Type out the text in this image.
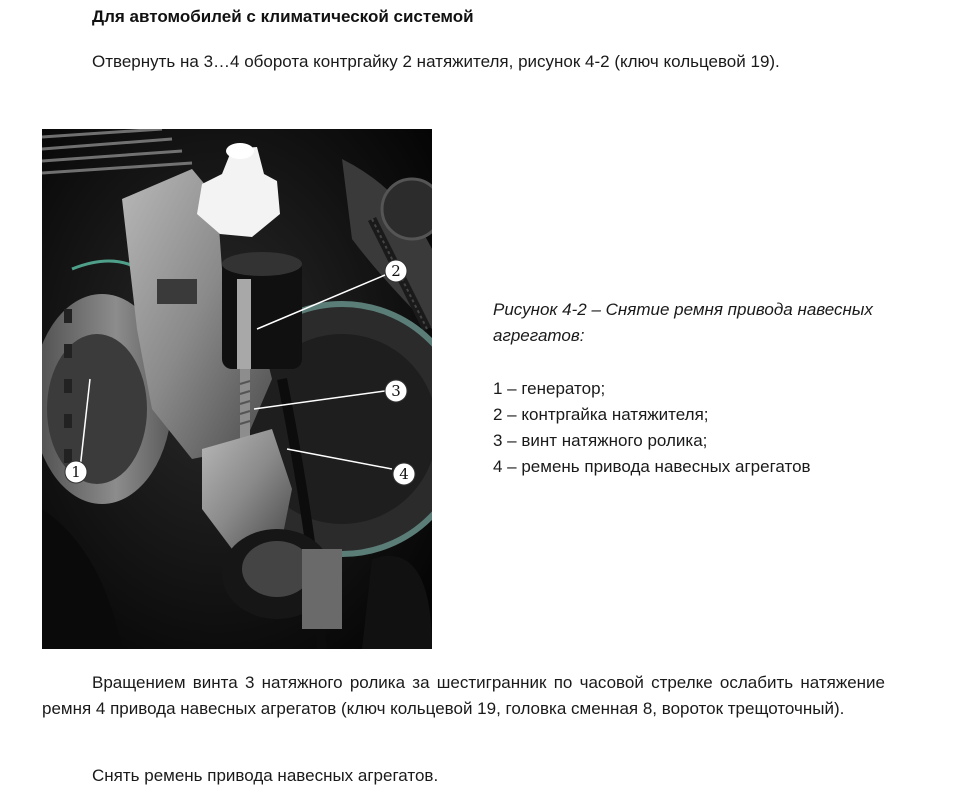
Для автомобилей с климатической системой
Отвернуть на 3…4 оборота контргайку 2 натяжителя, рисунок 4-2 (ключ кольцевой 19).
1
2
3
4
Рисунок 4-2 – Снятие ремня привода навесных агрегатов:
1 – генератор;
2 – контргайка натяжителя;
3 – винт натяжного ролика;
4 – ремень привода навесных агрегатов
Вращением винта 3 натяжного ролика за шестигранник по часовой стрелке ослабить натяжение ремня 4 привода навесных агрегатов (ключ кольцевой 19, головка сменная 8, вороток трещоточный).
Снять ремень привода навесных агрегатов.
